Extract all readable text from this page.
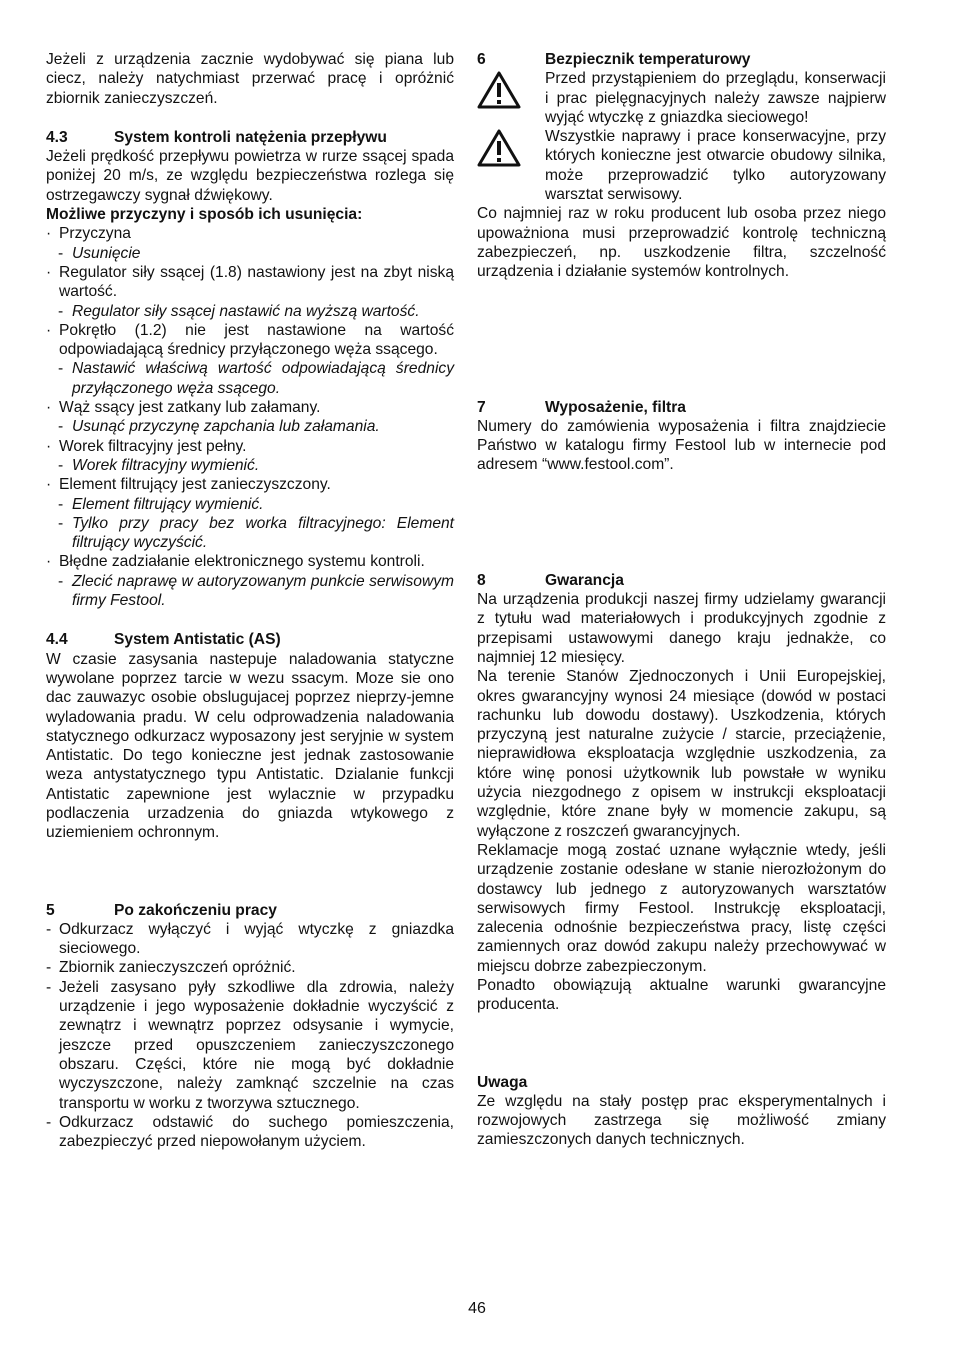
Jeżeli z urządzenia zacznie wydobywać się piana lub ciecz, należy natychmiast przerwać pracę i opróżnić zbiornik zanieczyszczeń.

4.3	System kontroli natężenia przepływu

Jeżeli prędkość przepływu powietrza w rurze ssącej spada poniżej 20 m/s, ze względu bezpieczeństwa rozlega się ostrzegawczy sygnał dźwiękowy.

Możliwe przyczyny i sposób ich usunięcia:

· Przyczyna
- Usunięcie
· Regulator siły ssącej (1.8) nastawiony jest na zbyt niską wartość.
- Regulator siły ssącej nastawić na wyższą wartość.
· Pokrętło (1.2) nie jest nastawione na wartość odpowiadającą średnicy przyłączonego węża ssącego.
- Nastawić właściwą wartość odpowiadającą średnicy przyłączonego węża ssącego.
· Wąż ssący jest zatkany lub załamany.
- Usunąć przyczynę zapchania lub załamania.
· Worek filtracyjny jest pełny.
- Worek filtracyjny wymienić.
· Element filtrujący jest zanieczyszczony.
- Element filtrujący wymienić.
- Tylko przy pracy bez worka filtracyjnego: Element filtrujący wyczyścić.
· Błędne zadziałanie elektronicznego systemu kontroli.
- Zlecić naprawę w autoryzowanym punkcie serwisowym firmy Festool.
4.4	System Antistatic (AS)

W czasie zasysania nastepuje naladowania statyczne wywolane poprzez tarcie w wezu ssacym. Moze sie ono dac zauwazyc osobie obslugujacej poprzez nieprzy-jemne wyladowania pradu. W celu odprowadzenia naladowania statycznego odkurzacz wyposazony jest seryjnie w system Antistatic. Do tego konieczne jest jednak zastosowanie weza antystatycznego typu Antistatic. Dzialanie funkcji Antistatic zapewnione jest wylacznie w przypadku podlaczenia urzadzenia do gniazda wtykowego z uziemieniem ochronnym.

5	Po zakończeniu pracy
- Odkurzacz wyłączyć i wyjąć wtyczkę z gniazdka sieciowego.
- Zbiornik zanieczyszczeń opróżnić.
- Jeżeli zasysano pyły szkodliwe dla zdrowia, należy urządzenie i jego wyposażenie dokładnie wyczyścić z zewnątrz i wewnątrz poprzez odsysanie i wymycie, jeszcze przed opuszczeniem zanieczyszczonego obszaru. Części, które nie mogą być dokładnie wyczyszczone, należy zamknąć szczelnie na czas transportu w worku z tworzywa sztucznego.
- Odkurzacz odstawić do suchego pomieszczenia, zabezpieczyć przed niepowołanym użyciem.
6	Bezpiecznik temperaturowy

Przed przystąpieniem do przeglądu, konserwacji i prac pielęgnacyjnych należy zawsze najpierw wyjąć wtyczkę z gniazdka sieciowego!

Wszystkie naprawy i prace konserwacyjne, przy których konieczne jest otwarcie obudowy silnika, może przeprowadzić tylko autoryzowany warsztat serwisowy.

Co najmniej raz w roku producent lub osoba przez niego upoważniona musi przeprowadzić kontrolę techniczną zabezpieczeń, np. uszkodzenie filtra, szczelność urządzenia i działanie systemów kontrolnych.

7	Wyposażenie, filtra

Numery do zamówienia wyposażenia i filtra znajdziecie Państwo w katalogu firmy Festool lub w internecie pod adresem “www.festool.com”.

8	Gwarancja

Na urządzenia produkcji naszej firmy udzielamy gwarancji z tytułu wad materiałowych i produkcyjnych zgodnie z przepisami ustawowymi danego kraju jednakże, co najmniej 12 miesięcy.

Na terenie Stanów Zjednoczonych i Unii Europejskiej, okres gwarancyjny wynosi 24 miesiące (dowód w postaci rachunku lub dowodu dostawy). Uszkodzenia, których przyczyną jest naturalne zużycie / starcie, przeciążenie, nieprawidłowa eksploatacja względnie uszkodzenia, za które winę ponosi użytkownik lub powstałe w wyniku użycia niezgodnego z opisem w instrukcji eksploatacji względnie, które znane były w momencie zakupu, są wyłączone z roszczeń gwarancyjnych.

Reklamacje mogą zostać uznane wyłącznie wtedy, jeśli urządzenie zostanie odesłane w stanie nierozłożonym do dostawcy lub jednego z autoryzowanych warsztatów serwisowych firmy Festool. Instrukcję eksploatacji, zalecenia odnośnie bezpieczeństwa pracy, listę części zamiennych oraz dowód zakupu należy przechowywać w miejscu dobrze zabezpieczonym.

Ponadto obowiązują aktualne warunki gwarancyjne producenta.

Uwaga

Ze względu na stały postęp prac eksperymentalnych i rozwojowych zastrzega się możliwość zmiany zamieszczonych danych technicznych.

46
